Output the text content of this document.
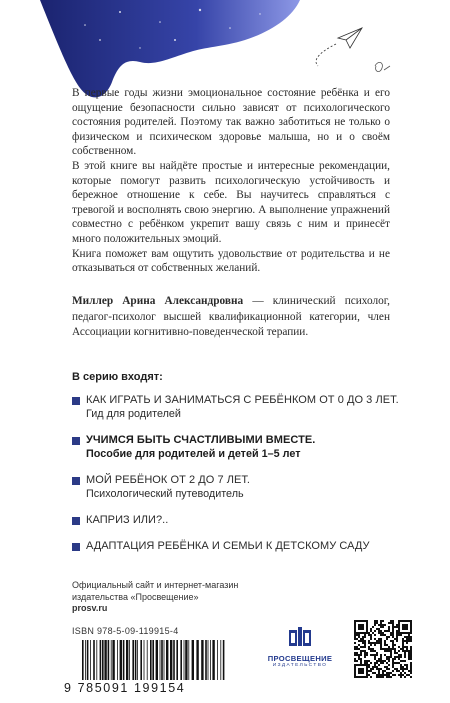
В первые годы жизни эмоциональное состояние ребёнка и его ощущение безопасности сильно зависят от психологического состояния родителей. Поэтому так важно заботиться не только о физическом и психическом здоровье малыша, но и о своём собственном.

В этой книге вы найдёте простые и интересные рекомендации, которые помогут развить психологическую устойчивость и бережное отношение к себе. Вы научитесь справляться с тревогой и восполнять свою энергию. А выполнение упражнений совместно с ребёнком укрепит вашу связь с ним и принесёт много положительных эмоций.

Книга поможет вам ощутить удовольствие от родительства и не отказываться от собственных желаний.

Миллер Арина Александровна — клинический психолог, педагог-психолог высшей квалификационной категории, член Ассоциации когнитивно-поведенческой терапии.
В серию входят:
КАК ИГРАТЬ И ЗАНИМАТЬСЯ С РЕБЁНКОМ ОТ 0 ДО 3 ЛЕТ.
Гид для родителей
УЧИМСЯ БЫТЬ СЧАСТЛИВЫМИ ВМЕСТЕ.
Пособие для родителей и детей 1–5 лет
МОЙ РЕБЁНОК ОТ 2 ДО 7 ЛЕТ.
Психологический путеводитель
КАПРИЗ ИЛИ?..
АДАПТАЦИЯ РЕБЁНКА И СЕМЬИ К ДЕТСКОМУ САДУ
Официальный сайт и интернет-магазин
издательства «Просвещение»
prosv.ru
ISBN 978-5-09-119915-4
9 785091 199154
ПРОСВЕЩЕНИЕ
ИЗДАТЕЛЬСТВО
